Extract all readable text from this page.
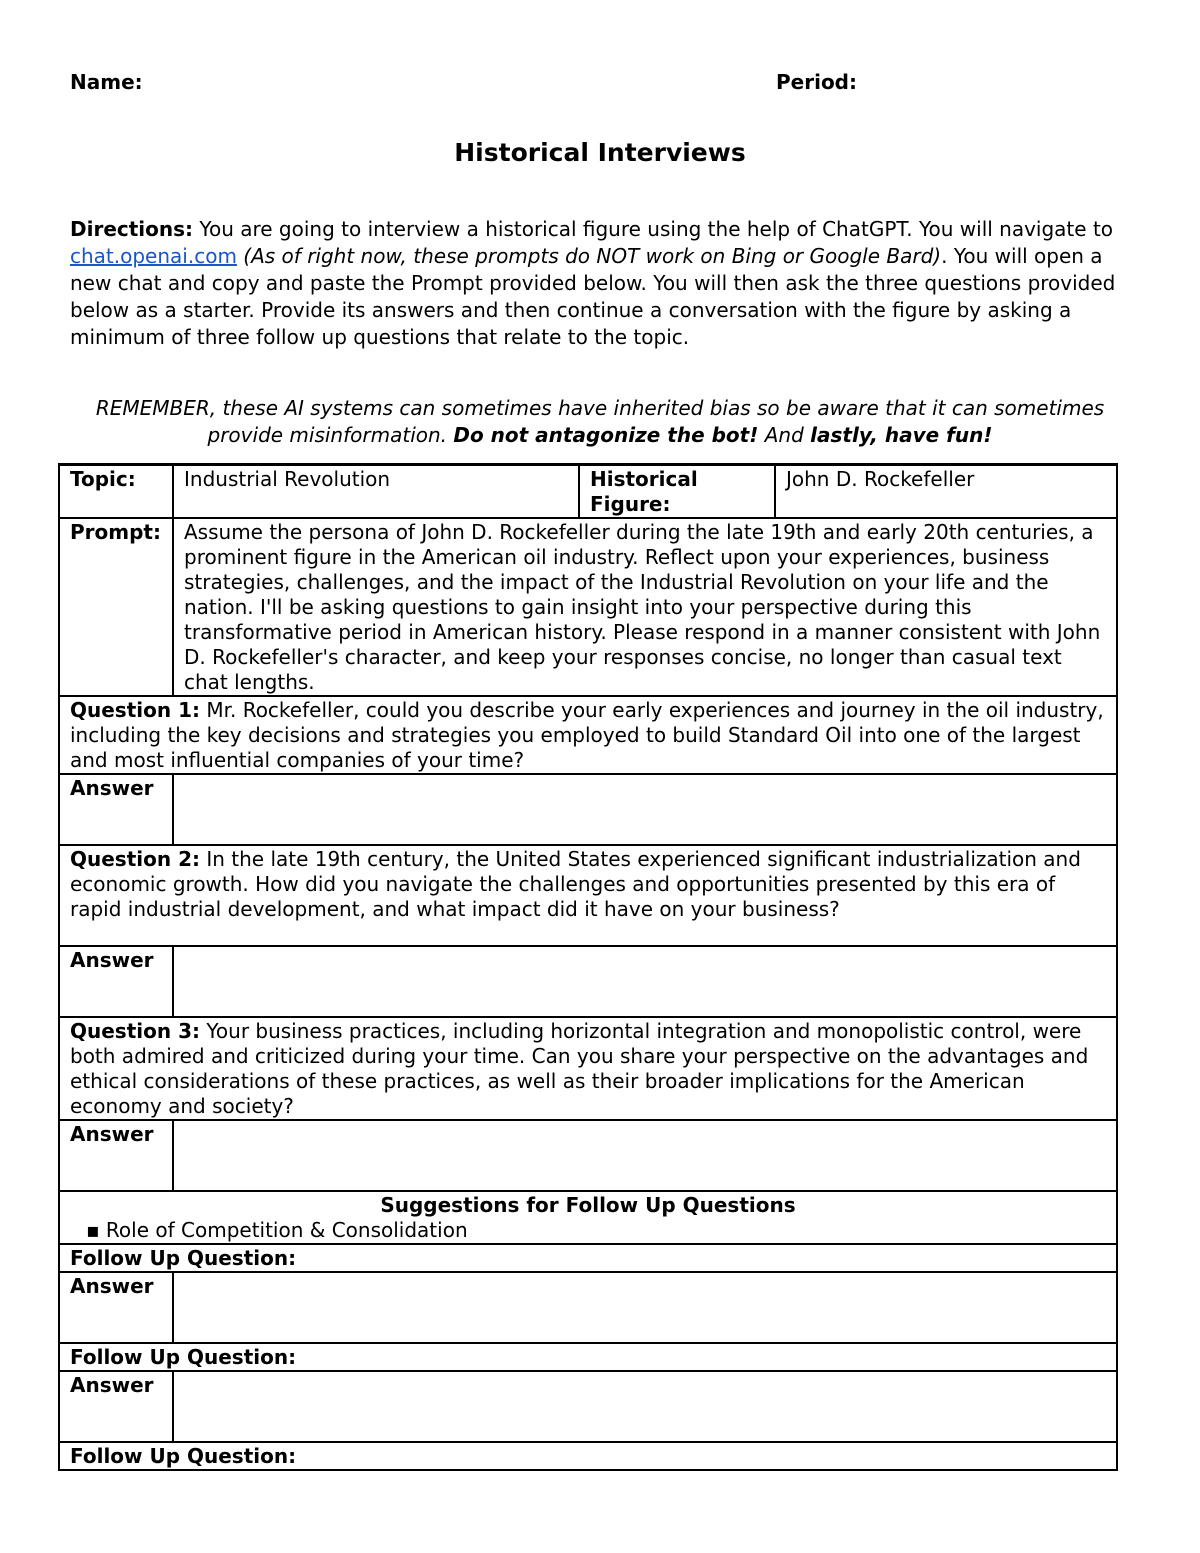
Name:	Period:
Historical Interviews
Directions: You are going to interview a historical figure using the help of ChatGPT. You will navigate to chat.openai.com (As of right now, these prompts do NOT work on Bing or Google Bard). You will open a new chat and copy and paste the Prompt provided below. You will then ask the three questions provided below as a starter. Provide its answers and then continue a conversation with the figure by asking a minimum of three follow up questions that relate to the topic.
REMEMBER, these AI systems can sometimes have inherited bias so be aware that it can sometimes provide misinformation. Do not antagonize the bot! And lastly, have fun!
Topic:	Industrial Revolution	Historical Figure:	John D. Rockefeller
Prompt:	Assume the persona of John D. Rockefeller during the late 19th and early 20th centuries, a prominent figure in the American oil industry. Reflect upon your experiences, business strategies, challenges, and the impact of the Industrial Revolution on your life and the nation. I'll be asking questions to gain insight into your perspective during this transformative period in American history. Please respond in a manner consistent with John D. Rockefeller's character, and keep your responses concise, no longer than casual text chat lengths.		
Question 1: Mr. Rockefeller, could you describe your early experiences and journey in the oil industry, including the key decisions and strategies you employed to build Standard Oil into one of the largest and most influential companies of your time?			
Answer			
Question 2: In the late 19th century, the United States experienced significant industrialization and economic growth. How did you navigate the challenges and opportunities presented by this era of rapid industrial development, and what impact did it have on your business?			
Answer			
Question 3: Your business practices, including horizontal integration and monopolistic control, were both admired and criticized during your time. Can you share your perspective on the advantages and ethical considerations of these practices, as well as their broader implications for the American economy and society?			
Answer			

Suggestions for Follow Up Questions
▪ Role of Competition & Consolidation			

Follow Up Question:			
Answer			
Follow Up Question:			
Answer			
Follow Up Question:			
